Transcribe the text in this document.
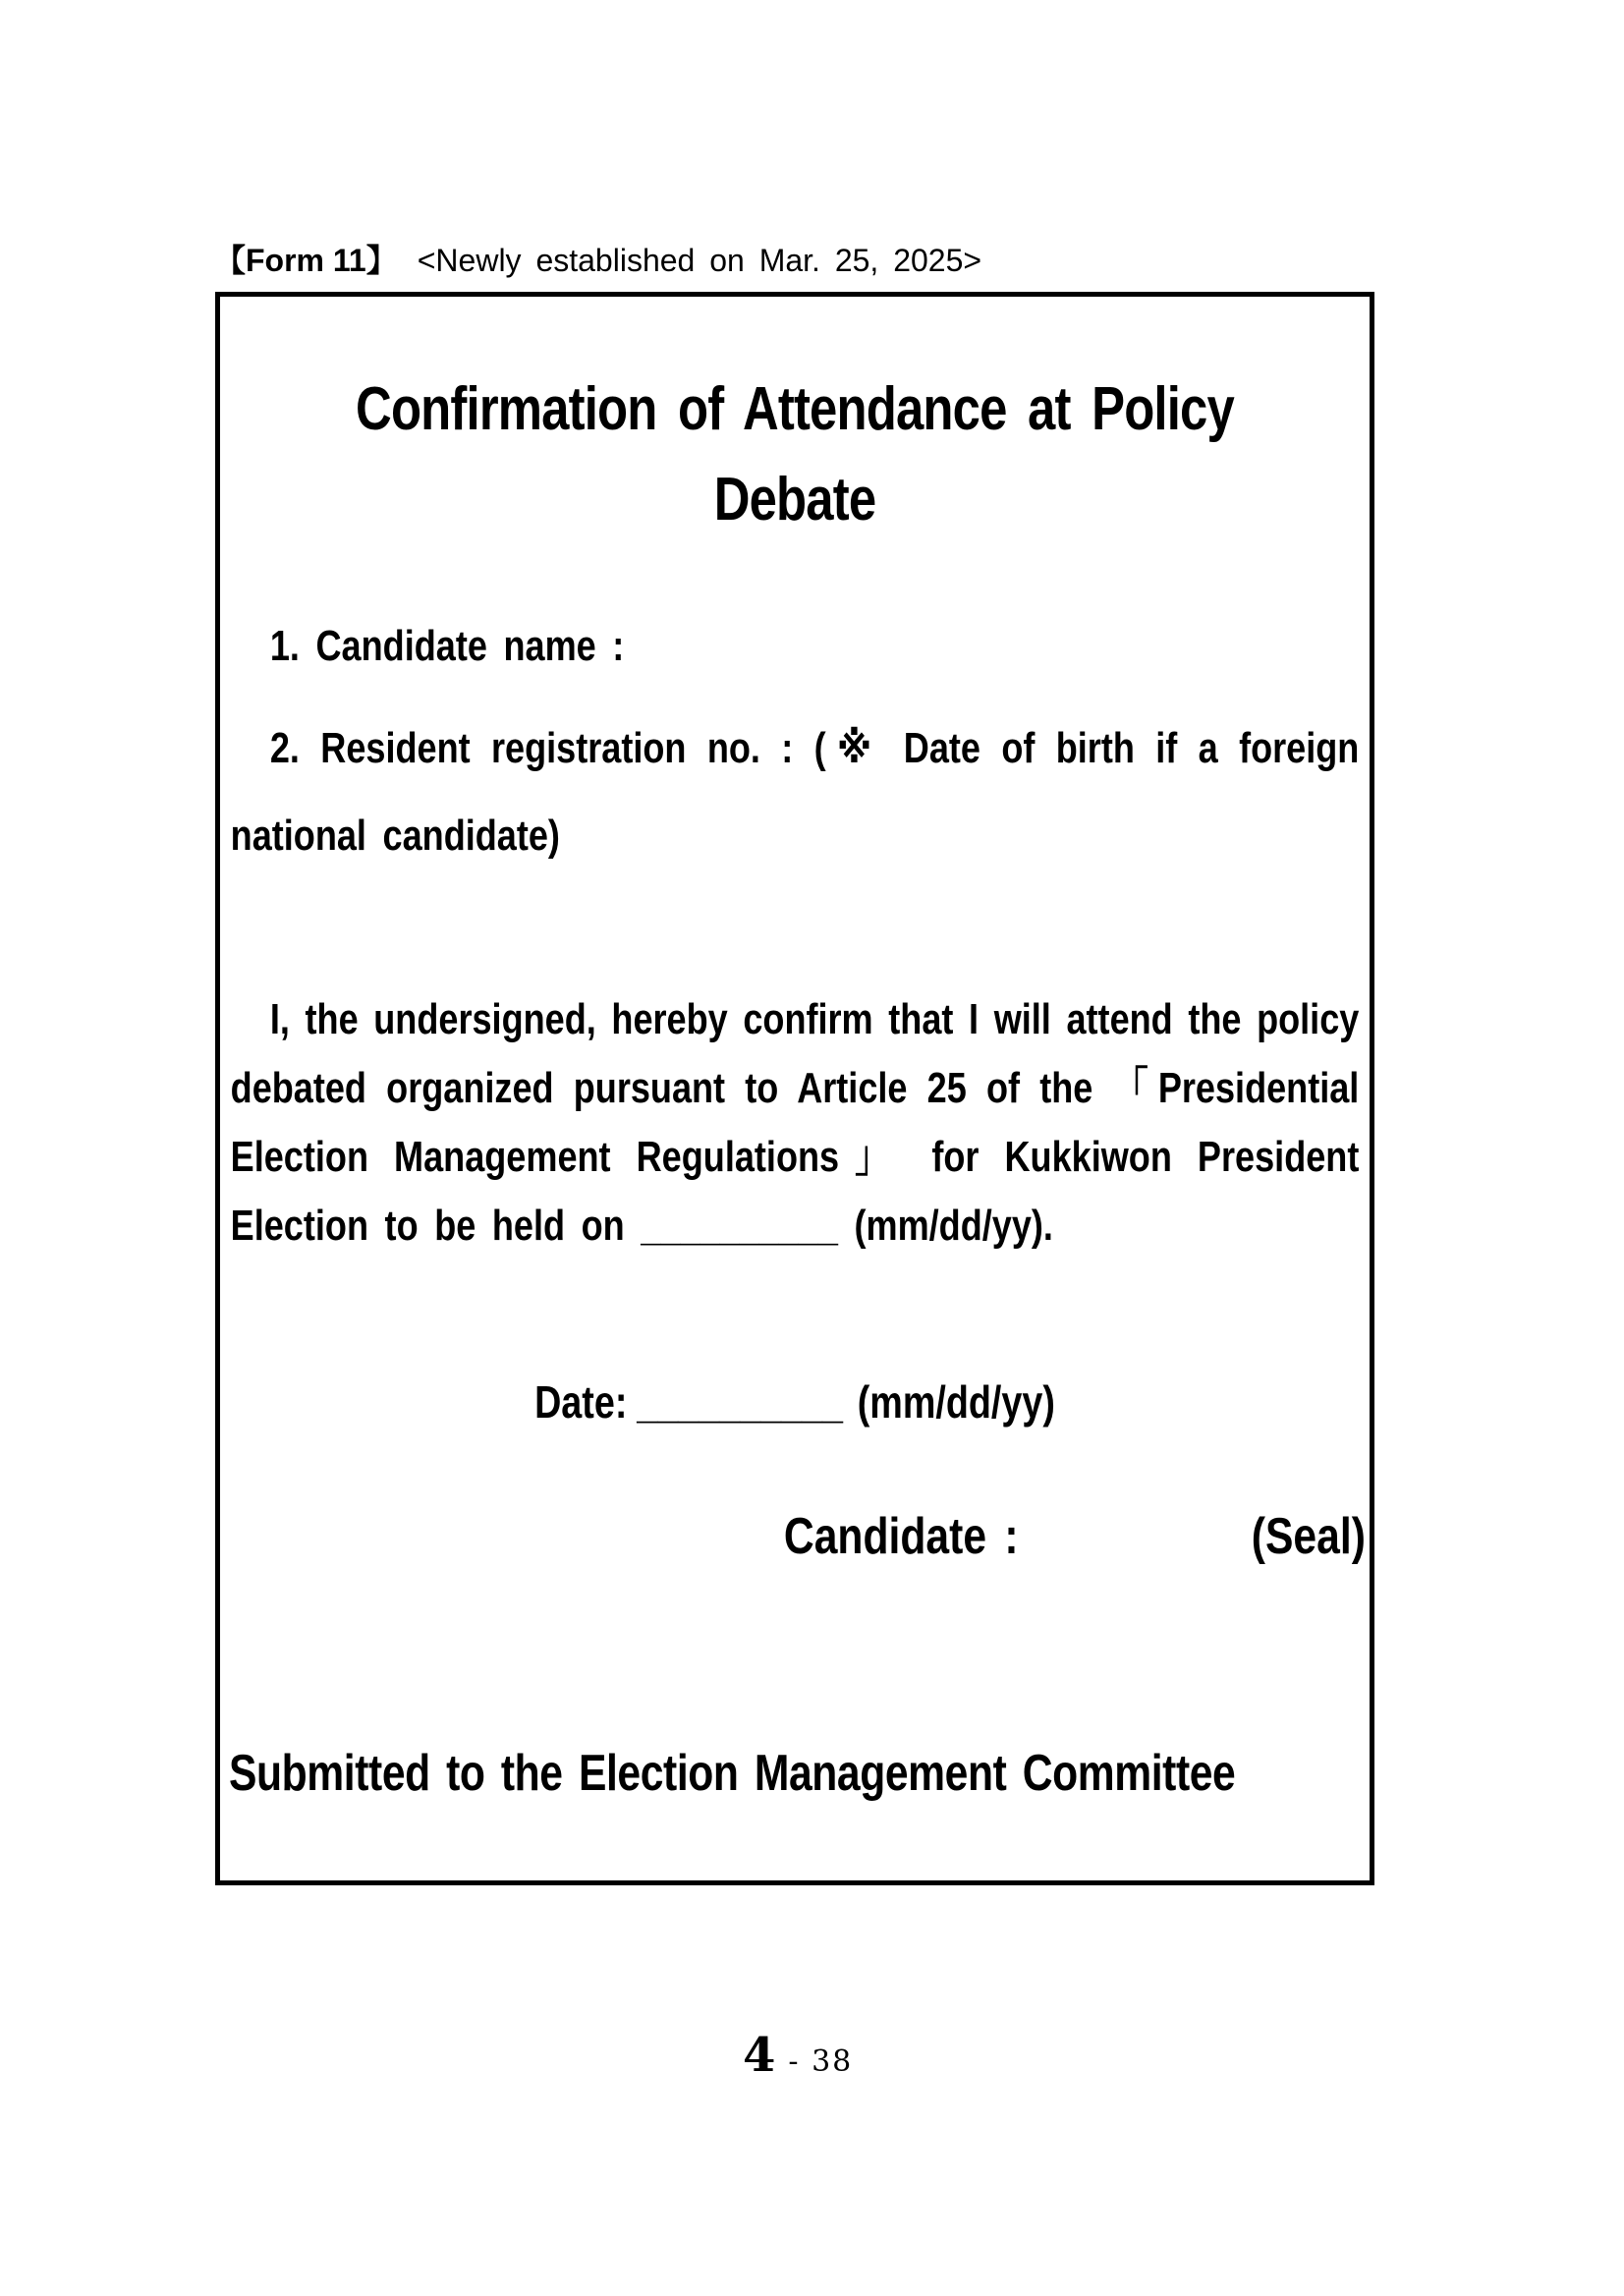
【Form 11】 <Newly established on Mar. 25, 2025>
Confirmation of Attendance at Policy
Debate
1. Candidate name :
2. Resident registration no. : (※ Date of birth if a foreign
national candidate)
I, the undersigned, hereby confirm that I will attend the policy
debated organized pursuant to Article 25 of the 「Presidential
Election Management Regulations」 for Kukkiwon President
Election to be held on __________ (mm/dd/yy).
Date: __________ (mm/dd/yy)
Candidate :	(Seal)
Submitted to the Election Management Committee
4 - 38
